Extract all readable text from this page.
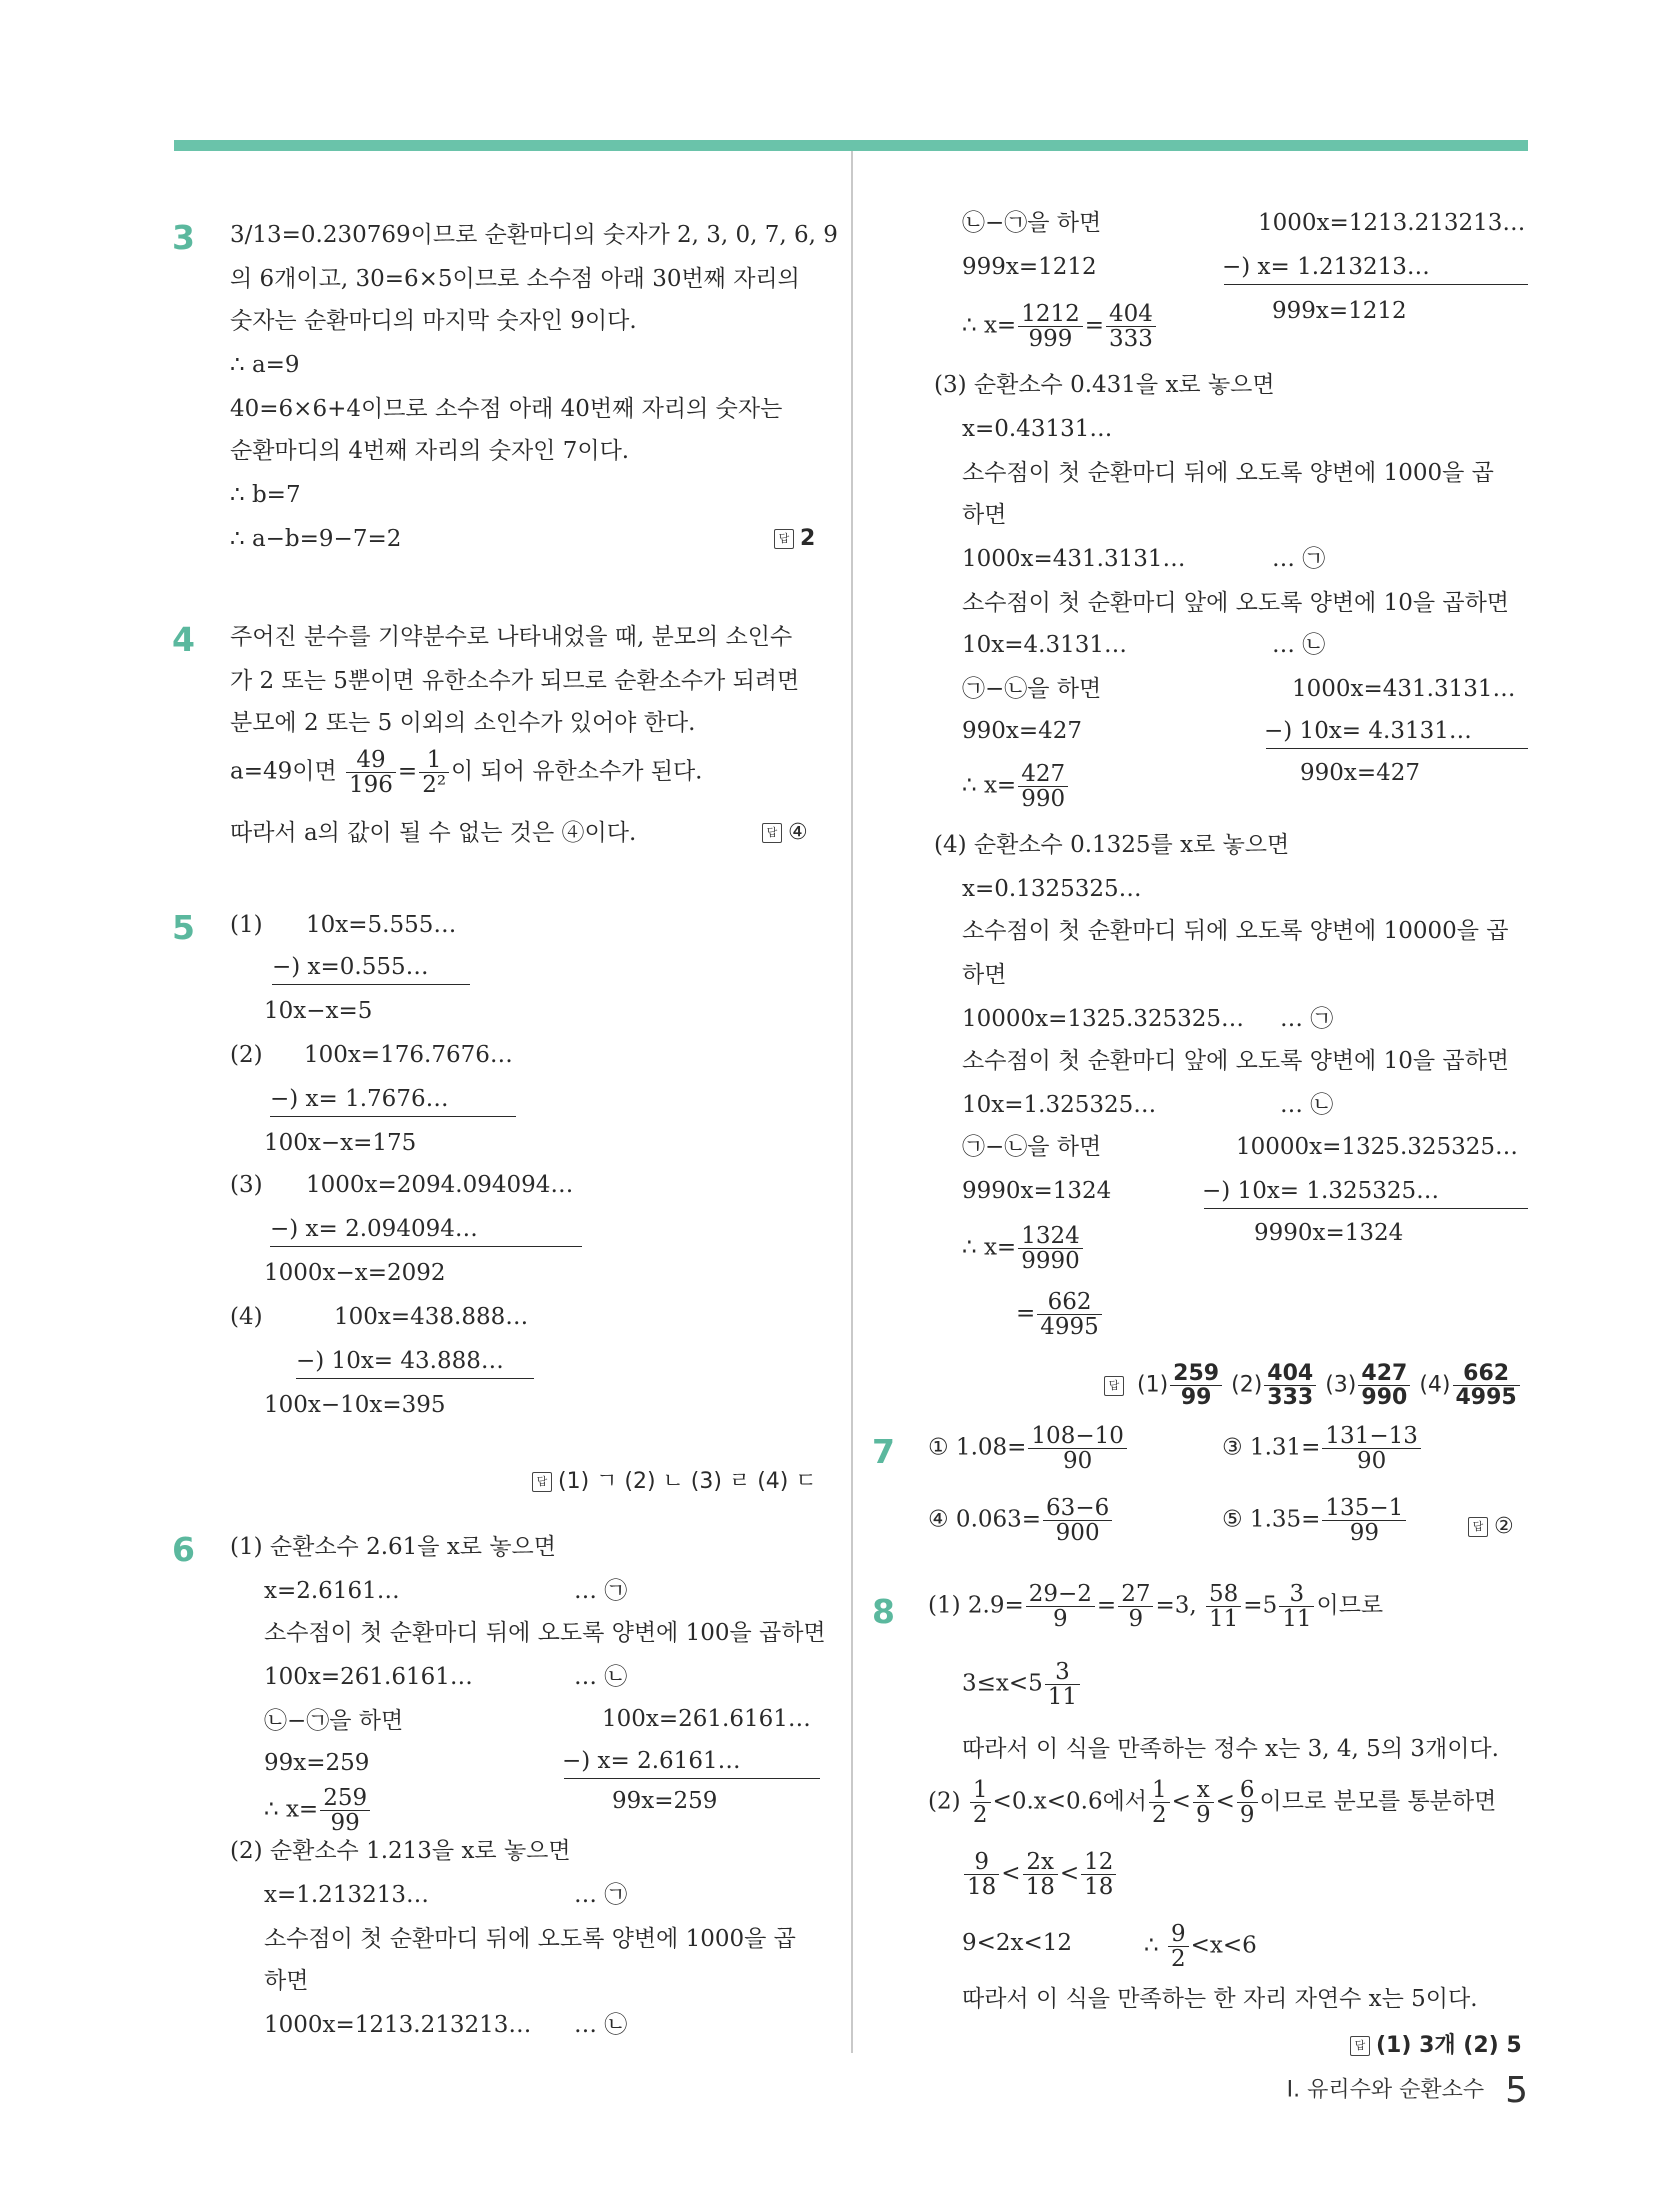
3 3/13=0.230769이므로 순환마디의 숫자가 2, 3, 0, 7, 6, 9
의 6개이고, 30=6×5이므로 소수점 아래 30번째 자리의
숫자는 순환마디의 마지막 숫자인 9이다.
∴ a=9
40=6×6+4이므로 소수점 아래 40번째 자리의 숫자는
순환마디의 4번째 자리의 숫자인 7이다.
∴ b=7
∴ a−b=9−7=2	답 2
4 주어진 분수를 기약분수로 나타내었을 때, 분모의 소인수
가 2 또는 5뿐이면 유한소수가 되므로 순환소수가 되려면
분모에 2 또는 5 이외의 소인수가 있어야 한다.
a=49이면 $\frac{49}{196} = \frac{1}{\text{2²}}$ 이 되어 유한소수가 된다.
따라서 a의 값이 될 수 없는 것은 ④이다.	답 ④
5 (1) 10x=5.555…
−) x=0.555…
10x−x=5
(2) 100x=176.7676…
−) x= 1.7676…
100x−x=175
(3) 1000x=2094.094094…
−) x= 2.094094…
1000x−x=2092
(4)	100x=438.888…
−) 10x= 43.888…
100x−10x=395
답 (1) ㄱ (2) ㄴ (3) ㄹ (4) ㄷ
6 (1) 순환소수 2.61을 x로 놓으면
x=2.6161…	… ㉠
소수점이 첫 순환마디 뒤에 오도록 양변에 100을 곱하면
100x=261.6161…	… ㉡
㉡−㉠을 하면	100x=261.6161…
99x=259	−) x= 2.6161…
∴ $x= \frac{259}{99}$	99x=259
(2) 순환소수 1.213을 x로 놓으면
x=1.213213…	… ㉠
소수점이 첫 순환마디 뒤에 오도록 양변에 1000을 곱
하면
1000x=1213.213213… … ㉡
㉡−㉠을 하면	1000x=1213.213213…
999x=1212	−) x= 1.213213…
∴ $x= \frac{1212}{999} = \frac{404}{333}$	999x=1212
(3) 순환소수 0.431을 x로 놓으면
x=0.43131…
소수점이 첫 순환마디 뒤에 오도록 양변에 1000을 곱
하면
1000x=431.3131…	… ㉠
소수점이 첫 순환마디 앞에 오도록 양변에 10을 곱하면
10x=4.3131…	… ㉡
㉠−㉡을 하면	1000x=431.3131…
990x=427	−) 10x= 4.3131…
∴ $x= \frac{427}{990}$	990x=427
(4) 순환소수 0.1325를 x로 놓으면
x=0.1325325…
소수점이 첫 순환마디 뒤에 오도록 양변에 10000을 곱
하면
10000x=1325.325325… … ㉠
소수점이 첫 순환마디 앞에 오도록 양변에 10을 곱하면
10x=1.325325…	… ㉡
㉠−㉡을 하면	10000x=1325.325325…
9990x=1324	−) 10x= 1.325325…
∴ $x= \frac{1324}{9990}$	9990x=1324
= $\frac{662}{4995}$
답 $(1) \frac{259}{99} (2) \frac{404}{333} (3) \frac{427}{990} (4) \frac{662}{4995}$
7 ① $1.08= \frac{108-10}{90}$	③ $1.31= \frac{131-13}{90}$
④ $0.063= \frac{63-6}{900}$	⑤ $1.35= \frac{135-1}{99}$	답 ②
8 (1) $2.9= \frac{29-2}{9} = \frac{27}{9} =3$, $\frac{58}{11} =5 \frac{3}{11}$ 이므로
$3\le x<5 \frac{3}{11}$
따라서 이 식을 만족하는 정수 x는 3, 4, 5의 3개이다.
$(2) \frac{1}{2} <0.x<0.6$에서 $\frac{1}{2} < \frac{x}{9} < \frac{6}{9}$ 이므로 분모를 통분하면
$\frac{9}{18} < \frac{2x}{18} < \frac{12}{18}$
9<2x<12	∴ $\frac{9}{2} <x<6$
따라서 이 식을 만족하는 한 자리 자연수 x는 5이다.
답 (1) 3개 (2) 5
I. 유리수와 순환소수 5
